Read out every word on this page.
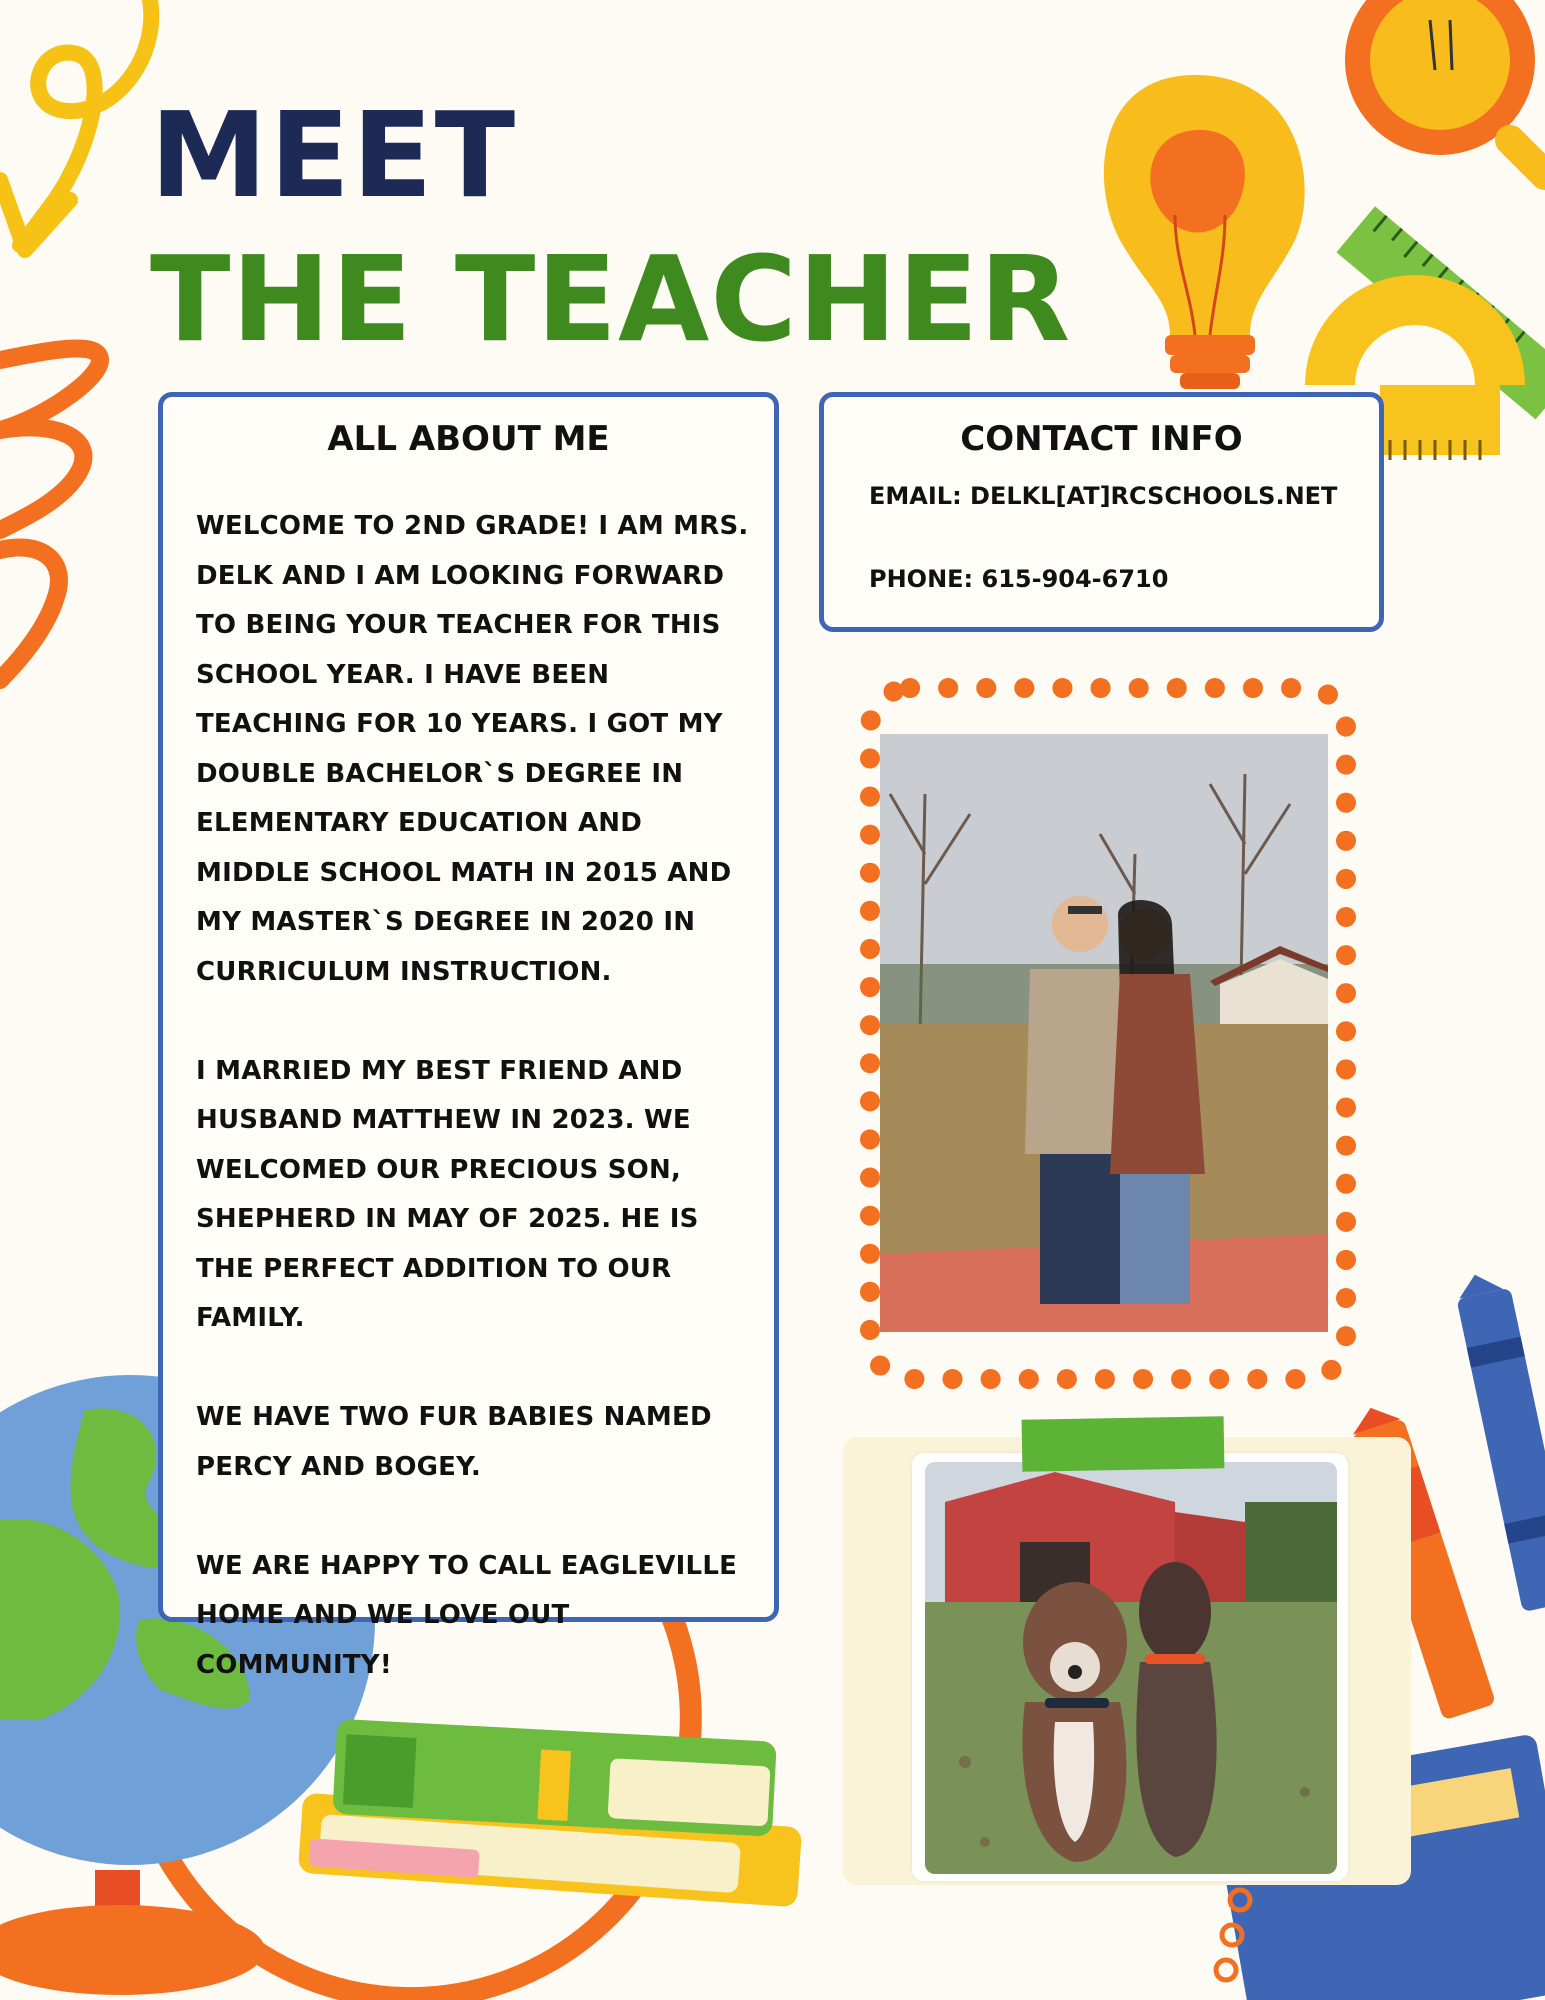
MEET
THE TEACHER
ALL ABOUT ME

WELCOME TO 2ND GRADE! I AM MRS. DELK AND I AM LOOKING FORWARD TO BEING YOUR TEACHER FOR THIS SCHOOL YEAR. I HAVE BEEN TEACHING FOR 10 YEARS. I GOT MY DOUBLE BACHELOR`S DEGREE IN ELEMENTARY EDUCATION AND MIDDLE SCHOOL MATH IN 2015 AND MY MASTER`S DEGREE IN 2020 IN CURRICULUM INSTRUCTION.

I MARRIED MY BEST FRIEND AND HUSBAND MATTHEW IN 2023. WE WELCOMED OUR PRECIOUS SON, SHEPHERD IN MAY OF 2025. HE IS THE PERFECT ADDITION TO OUR FAMILY.

WE HAVE TWO FUR BABIES NAMED PERCY AND BOGEY.

WE ARE HAPPY TO CALL EAGLEVILLE HOME AND WE LOVE OUT COMMUNITY!

CONTACT INFO
EMAIL: DELKL[AT]RCSCHOOLS.NET
PHONE: 615-904-6710
